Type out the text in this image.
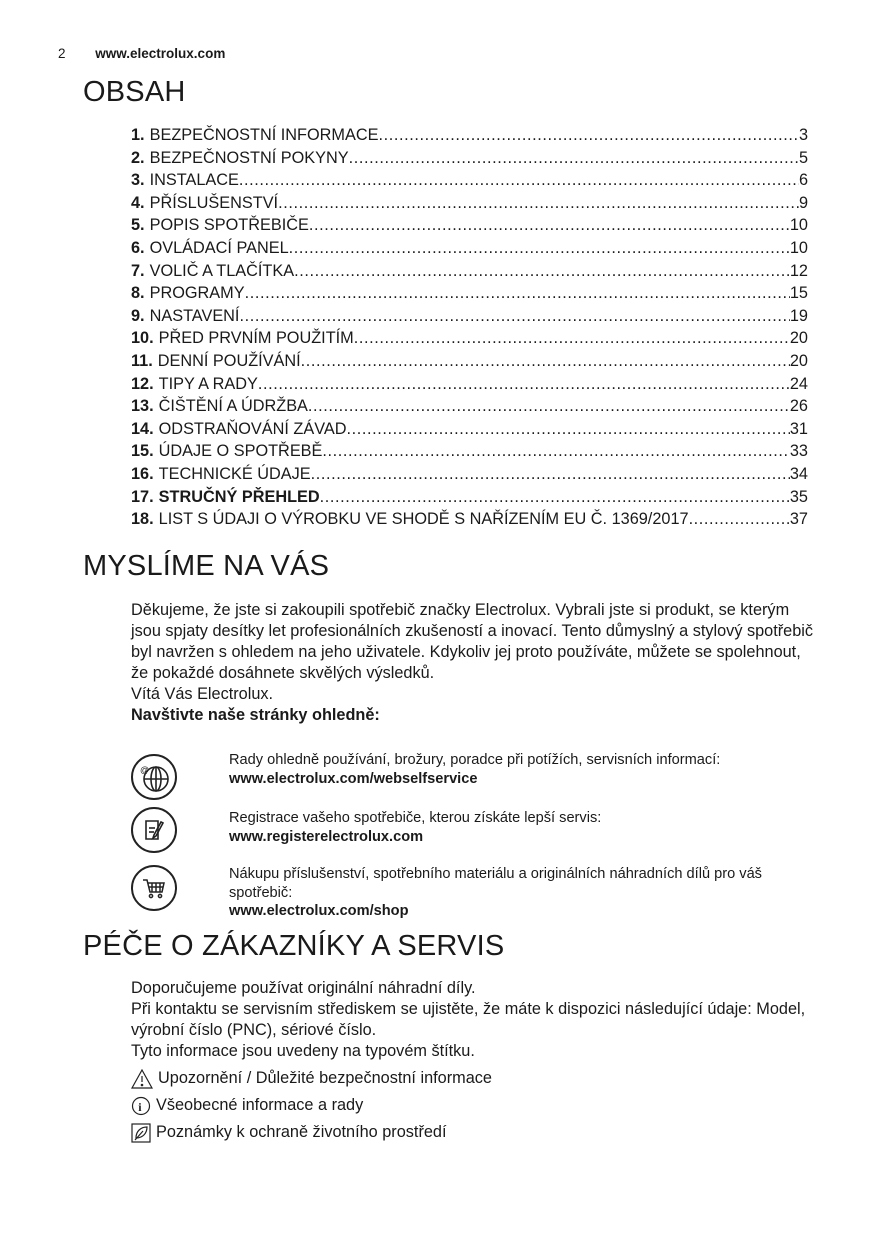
2 www.electrolux.com
OBSAH
1. BEZPEČNOSTNÍ INFORMACE .....	3
2. BEZPEČNOSTNÍ POKYNY .....	5
3. INSTALACE .....	6
4. PŘÍSLUŠENSTVÍ .....	9
5. POPIS SPOTŘEBIČE .....	10
6. OVLÁDACÍ PANEL .....	10
7. VOLIČ A TLAČÍTKA .....	12
8. PROGRAMY .....	15
9. NASTAVENÍ .....	19
10. PŘED PRVNÍM POUŽITÍM .....	20
11. DENNÍ POUŽÍVÁNÍ .....	20
12. TIPY A RADY .....	24
13. ČIŠTĚNÍ A ÚDRŽBA .....	26
14. ODSTRAŇOVÁNÍ ZÁVAD .....	31
15. ÚDAJE O SPOTŘEBĚ .....	33
16. TECHNICKÉ ÚDAJE .....	34
17. STRUČNÝ PŘEHLED .....	35
18. LIST S ÚDAJI O VÝROBKU VE SHODĚ S NAŘÍZENÍM EU Č. 1369/2017 .....	37
MYSLÍME NA VÁS
Děkujeme, že jste si zakoupili spotřebič značky Electrolux. Vybrali jste si produkt, se kterým jsou spjaty desítky let profesionálních zkušeností a inovací. Tento důmyslný a stylový spotřebič byl navržen s ohledem na jeho uživatele. Kdykoliv jej proto používáte, můžete se spolehnout, že pokaždé dosáhnete skvělých výsledků.
Vítá Vás Electrolux.
Navštivte naše stránky ohledně:
@
Rady ohledně používání, brožury, poradce při potížích, servisních informací:
www.electrolux.com/webselfservice
Registrace vašeho spotřebiče, kterou získáte lepší servis:
www.registerelectrolux.com
Nákupu příslušenství, spotřebního materiálu a originálních náhradních dílů pro váš spotřebič:
www.electrolux.com/shop
PÉČE O ZÁKAZNÍKY A SERVIS
Doporučujeme používat originální náhradní díly.
Při kontaktu se servisním střediskem se ujistěte, že máte k dispozici následující údaje: Model, výrobní číslo (PNC), sériové číslo.
Tyto informace jsou uvedeny na typovém štítku.
Upozornění / Důležité bezpečnostní informace
i Všeobecné informace a rady
Poznámky k ochraně životního prostředí
